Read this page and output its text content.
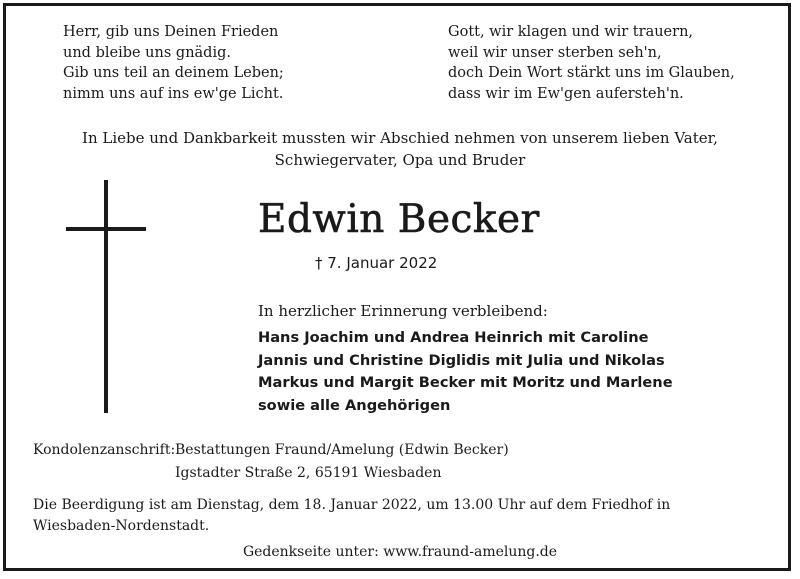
Herr, gib uns Deinen Frieden
und bleibe uns gnädig.
Gib uns teil an deinem Leben;
nimm uns auf ins ew'ge Licht.
Gott, wir klagen und wir trauern,
weil wir unser sterben seh'n,
doch Dein Wort stärkt uns im Glauben,
dass wir im Ew'gen aufersteh'n.
In Liebe und Dankbarkeit mussten wir Abschied nehmen von unserem lieben Vater,
Schwiegervater, Opa und Bruder
Edwin Becker
† 7. Januar 2022
In herzlicher Erinnerung verbleibend:
Hans Joachim und Andrea Heinrich mit Caroline
Jannis und Christine Diglidis mit Julia und Nikolas
Markus und Margit Becker mit Moritz und Marlene
sowie alle Angehörigen
Kondolenzanschrift: Bestattungen Fraund/Amelung (Edwin Becker)
Igstadter Straße 2, 65191 Wiesbaden
Die Beerdigung ist am Dienstag, dem 18. Januar 2022, um 13.00 Uhr auf dem Friedhof in
Wiesbaden-Nordenstadt.
Gedenkseite unter: www.fraund-amelung.de
